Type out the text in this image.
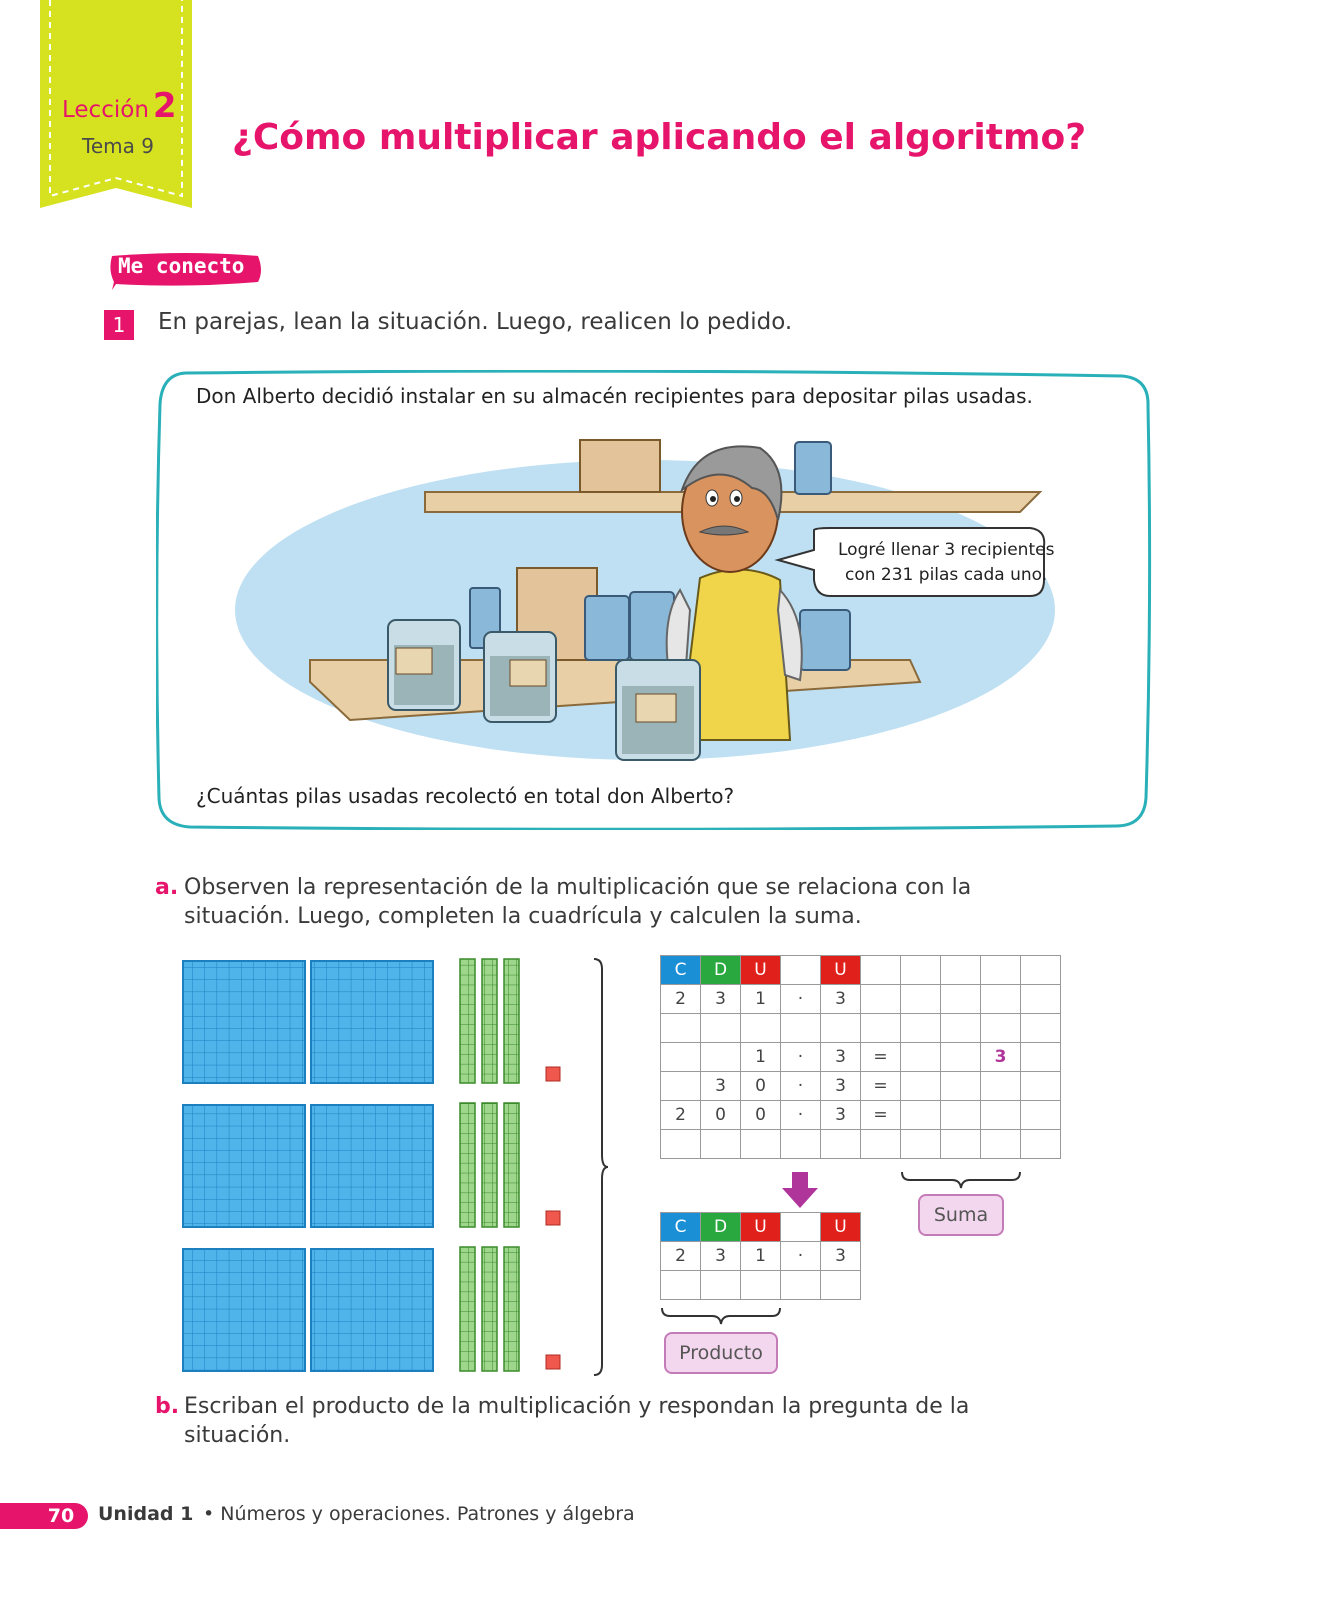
Lección 2
Tema 9 ¿Cómo multiplicar aplicando el algoritmo?
Me conecto
1	En parejas, lean la situación. Luego, realicen lo pedido.
Don Alberto decidió instalar en su almacén recipientes para depositar pilas usadas.
Logré llenar 3 recipientes
con 231 pilas cada uno.
¿Cuántas pilas usadas recolectó en total don Alberto?
a. Observen la representación de la multiplicación que se relaciona con la
situación. Luego, completen la cuadrícula y calculen la suma.
C	D	U		U					
2	3	1	·	3					

		1	·	3	=			3	
	3	0	·	3	=				
2	0	0	·	3	=				

Suma
C	D	U		U
2	3	1	·	3

Producto
b. Escriban el producto de la multiplicación y respondan la pregunta de la
situación.
70	Unidad 1 • Números y operaciones. Patrones y álgebra
